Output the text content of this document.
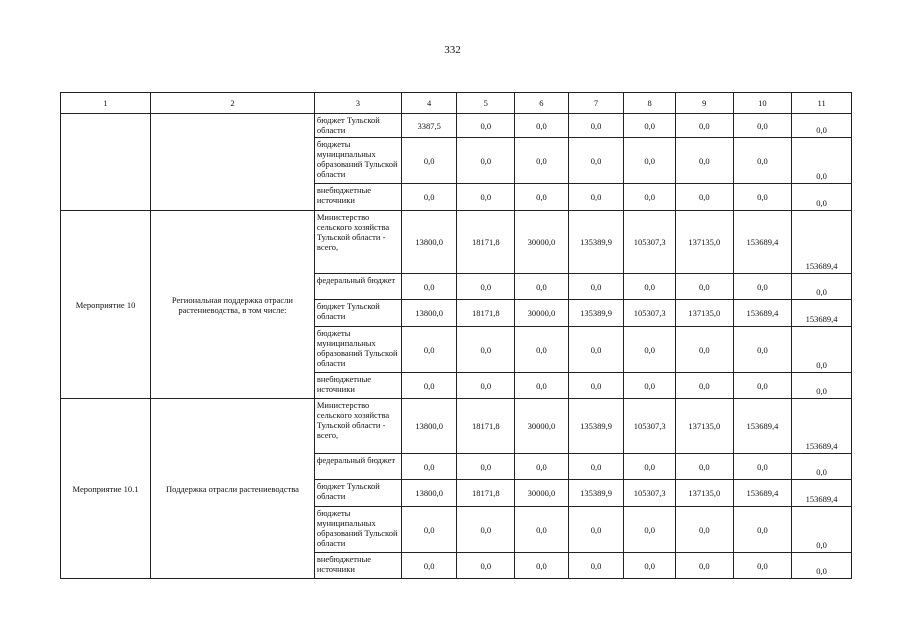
332
1	2	3	4	5	6	7	8	9	10	11
		бюджет Тульской области	3387,5	0,0	0,0	0,0	0,0	0,0	0,0	0,0
		бюджеты муниципальных образований Тульской области	0,0	0,0	0,0	0,0	0,0	0,0	0,0	0,0
		внебюджетные источники	0,0	0,0	0,0	0,0	0,0	0,0	0,0	0,0
Мероприятие 10	Региональная поддержка отрасли растениеводства, в том числе:	Министерство сельского хозяйства Тульской области - всего,	13800,0	18171,8	30000,0	135389,9	105307,3	137135,0	153689,4	153689,4
		федеральный бюджет	0,0	0,0	0,0	0,0	0,0	0,0	0,0	0,0
		бюджет Тульской области	13800,0	18171,8	30000,0	135389,9	105307,3	137135,0	153689,4	153689,4
		бюджеты муниципальных образований Тульской области	0,0	0,0	0,0	0,0	0,0	0,0	0,0	0,0
		внебюджетные источники	0,0	0,0	0,0	0,0	0,0	0,0	0,0	0,0
Мероприятие 10.1	Поддержка отрасли растениеводства	Министерство сельского хозяйства Тульской области - всего,	13800,0	18171,8	30000,0	135389,9	105307,3	137135,0	153689,4	153689,4
		федеральный бюджет	0,0	0,0	0,0	0,0	0,0	0,0	0,0	0,0
		бюджет Тульской области	13800,0	18171,8	30000,0	135389,9	105307,3	137135,0	153689,4	153689,4
		бюджеты муниципальных образований Тульской области	0,0	0,0	0,0	0,0	0,0	0,0	0,0	0,0
		внебюджетные источники	0,0	0,0	0,0	0,0	0,0	0,0	0,0	0,0
